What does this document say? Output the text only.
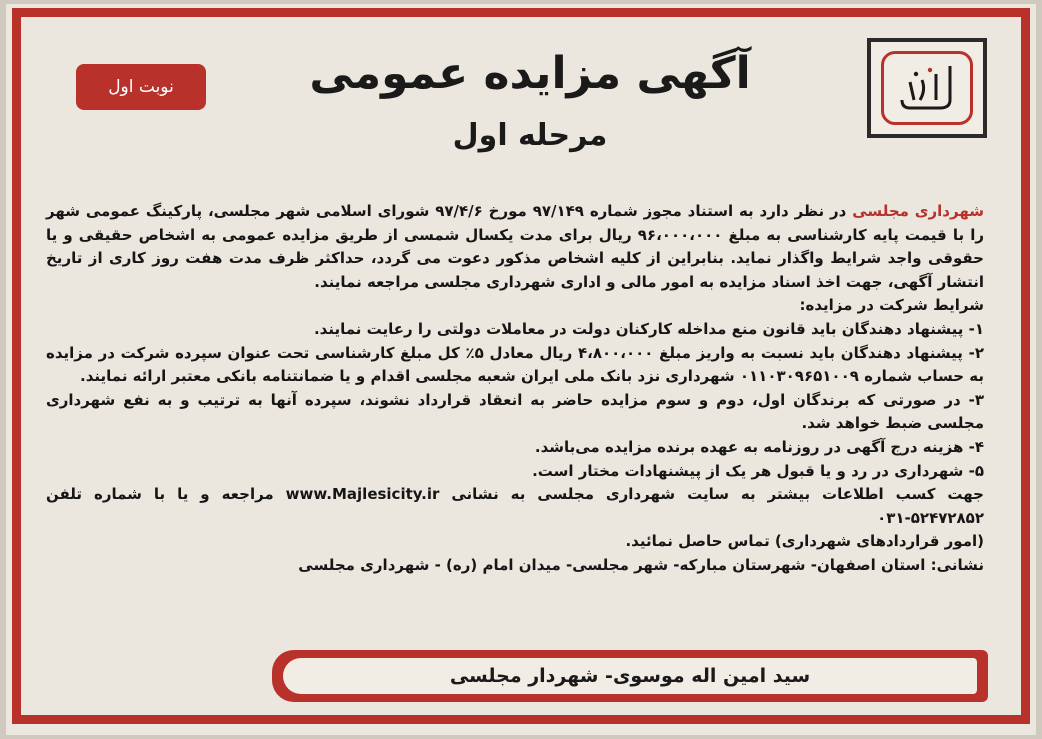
نوبت اول	آگهی مزایده عمومی
مرحله اول

شهرداری مجلسی در نظر دارد به استناد مجوز شماره ۹۷/۱۴۹ مورخ ۹۷/۴/۶ شورای اسلامی شهر مجلسی، پارکینگ عمومی شهر را با قیمت پایه کارشناسی به مبلغ ۹۶،۰۰۰،۰۰۰ ریال برای مدت یکسال شمسی از طریق مزایده عمومی به اشخاص حقیقی و یا حقوقی واجد شرایط واگذار نماید. بنابراین از کلیه اشخاص مذکور دعوت می گردد، حداکثر ظرف مدت هفت روز کاری از تاریخ انتشار آگهی، جهت اخذ اسناد مزایده به امور مالی و اداری شهرداری مجلسی مراجعه نمایند.

شرایط شرکت در مزایده:

۱- پیشنهاد دهندگان باید قانون منع مداخله کارکنان دولت در معاملات دولتی را رعایت نمایند.

۲- پیشنهاد دهندگان باید نسبت به واریز مبلغ ۴،۸۰۰،۰۰۰ ریال معادل ۵٪ کل مبلغ کارشناسی تحت عنوان سپرده شرکت در مزایده به حساب شماره ۰۱۱۰۳۰۹۶۵۱۰۰۹ شهرداری نزد بانک ملی ایران شعبه مجلسی اقدام و یا ضمانتنامه بانکی معتبر ارائه نمایند.

۳- در صورتی که برندگان اول، دوم و سوم مزایده حاضر به انعقاد قرارداد نشوند، سپرده آنها به ترتیب و به نفع شهرداری مجلسی ضبط خواهد شد.

۴- هزینه درج آگهی در روزنامه به عهده برنده مزایده می‌باشد.

۵- شهرداری در رد و یا قبول هر یک از پیشنهادات مختار است.

جهت کسب اطلاعات بیشتر به سایت شهرداری مجلسی به نشانی www.Majlesicity.ir مراجعه و یا با شماره تلفن ۰۳۱-۵۲۴۷۲۸۵۲

(امور قراردادهای شهرداری) تماس حاصل نمائید.

نشانی: استان اصفهان- شهرستان مبارکه- شهر مجلسی- میدان امام (ره) - شهرداری مجلسی

سید امین اله موسوی- شهردار مجلسی
